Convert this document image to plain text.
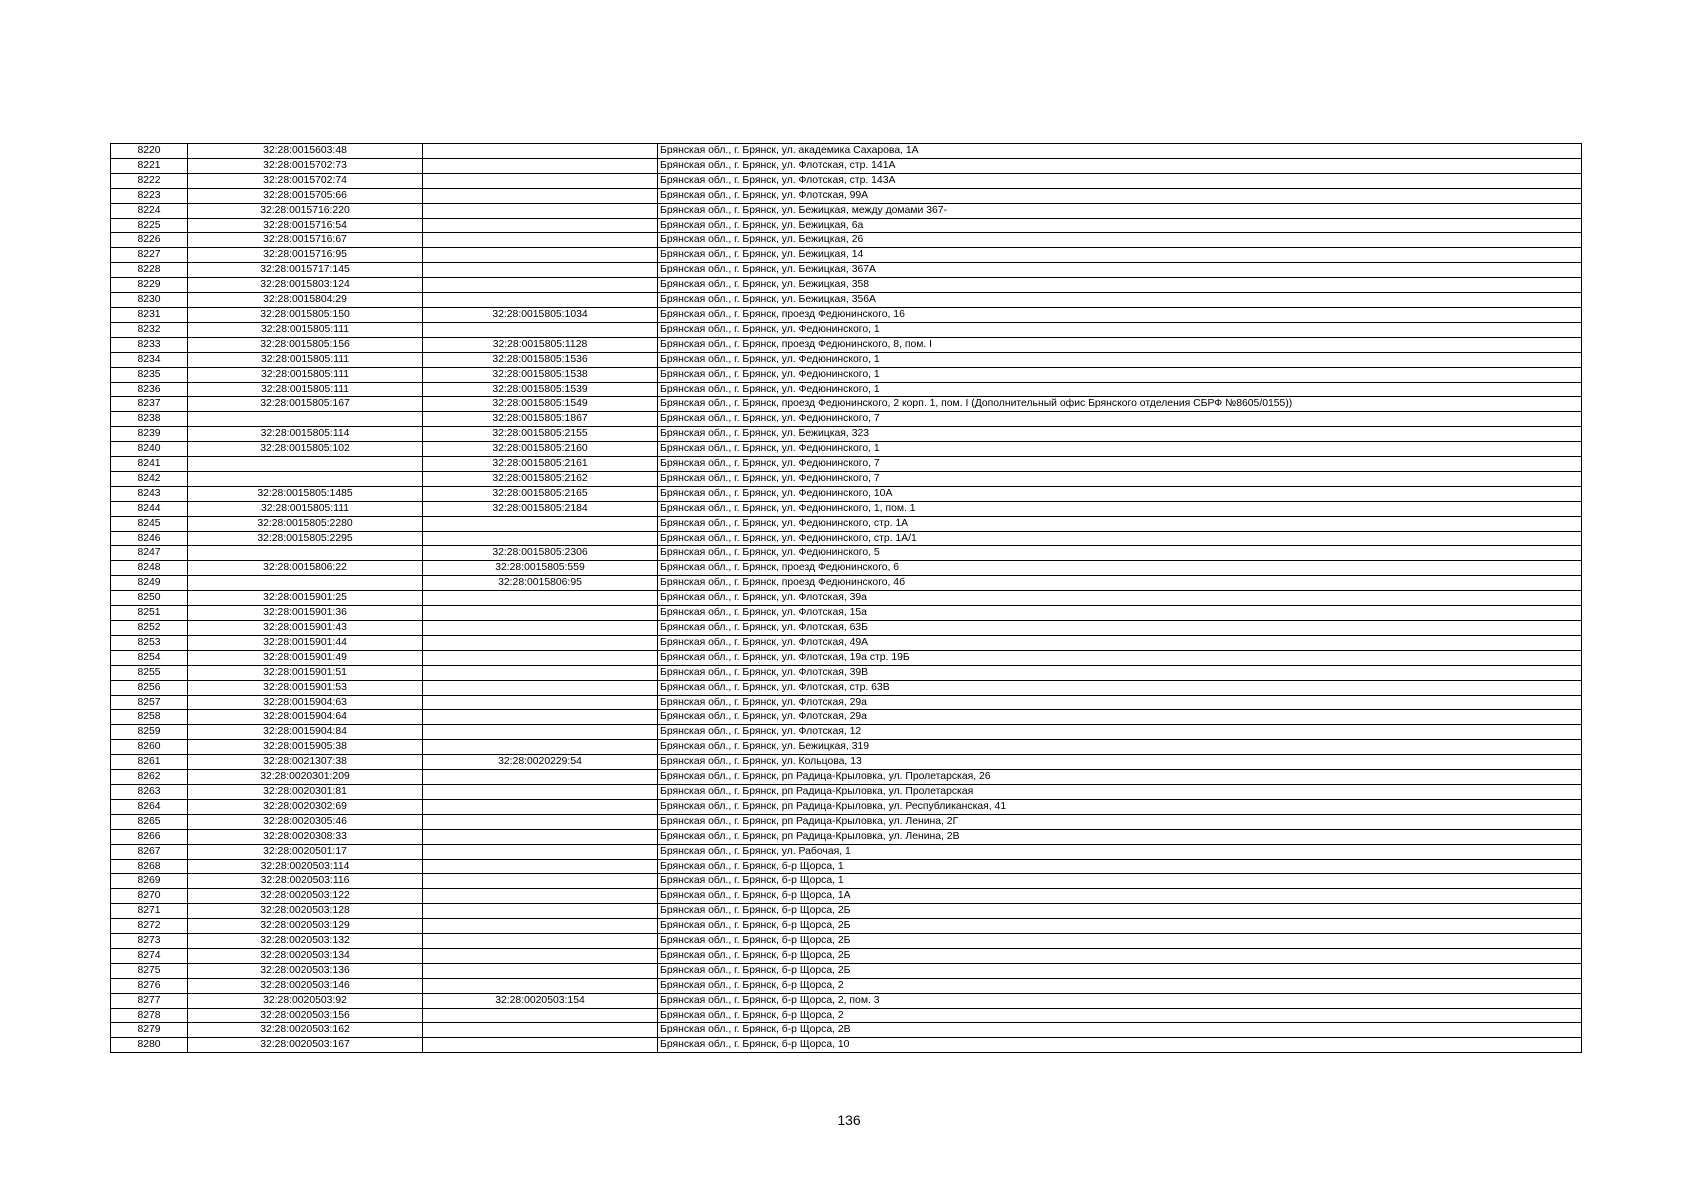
8220	32:28:0015603:48		Брянская обл., г. Брянск, ул. академика Сахарова, 1А
8221	32:28:0015702:73		Брянская обл., г. Брянск, ул. Флотская, стр. 141А
8222	32:28:0015702:74		Брянская обл., г. Брянск, ул. Флотская, стр. 143А
8223	32:28:0015705:66		Брянская обл., г. Брянск, ул. Флотская, 99А
8224	32:28:0015716:220		Брянская обл., г. Брянск, ул. Бежицкая, между домами 367-
8225	32:28:0015716:54		Брянская обл., г. Брянск, ул. Бежицкая, 6а
8226	32:28:0015716:67		Брянская обл., г. Брянск, ул. Бежицкая, 26
8227	32:28:0015716:95		Брянская обл., г. Брянск, ул. Бежицкая, 14
8228	32:28:0015717:145		Брянская обл., г. Брянск, ул. Бежицкая, 367А
8229	32:28:0015803:124		Брянская обл., г. Брянск, ул. Бежицкая, 358
8230	32:28:0015804:29		Брянская обл., г. Брянск, ул. Бежицкая, 356А
8231	32:28:0015805:150	32:28:0015805:1034	Брянская обл., г. Брянск, проезд Федюнинского, 16
8232	32:28:0015805:111		Брянская обл., г. Брянск, ул. Федюнинского, 1
8233	32:28:0015805:156	32:28:0015805:1128	Брянская обл., г. Брянск, проезд Федюнинского, 8, пом. I
8234	32:28:0015805:111	32:28:0015805:1536	Брянская обл., г. Брянск, ул. Федюнинского, 1
8235	32:28:0015805:111	32:28:0015805:1538	Брянская обл., г. Брянск, ул. Федюнинского, 1
8236	32:28:0015805:111	32:28:0015805:1539	Брянская обл., г. Брянск, ул. Федюнинского, 1
8237	32:28:0015805:167	32:28:0015805:1549	Брянская обл., г. Брянск, проезд Федюнинского, 2 корп. 1, пом. I (Дополнительный офис Брянского отделения СБРФ №8605/0155))
8238		32:28:0015805:1867	Брянская обл., г. Брянск, ул. Федюнинского, 7
8239	32:28:0015805:114	32:28:0015805:2155	Брянская обл., г. Брянск, ул. Бежицкая, 323
8240	32:28:0015805:102	32:28:0015805:2160	Брянская обл., г. Брянск, ул. Федюнинского, 1
8241		32:28:0015805:2161	Брянская обл., г. Брянск, ул. Федюнинского, 7
8242		32:28:0015805:2162	Брянская обл., г. Брянск, ул. Федюнинского, 7
8243	32:28:0015805:1485	32:28:0015805:2165	Брянская обл., г. Брянск, ул. Федюнинского, 10А
8244	32:28:0015805:111	32:28:0015805:2184	Брянская обл., г. Брянск, ул. Федюнинского, 1, пом. 1
8245	32:28:0015805:2280		Брянская обл., г. Брянск, ул. Федюнинского, стр. 1А
8246	32:28:0015805:2295		Брянская обл., г. Брянск, ул. Федюнинского, стр. 1А/1
8247		32:28:0015805:2306	Брянская обл., г. Брянск, ул. Федюнинского, 5
8248	32:28:0015806:22	32:28:0015805:559	Брянская обл., г. Брянск, проезд Федюнинского, 6
8249		32:28:0015806:95	Брянская обл., г. Брянск, проезд Федюнинского, 4б
8250	32:28:0015901:25		Брянская обл., г. Брянск, ул. Флотская, 39а
8251	32:28:0015901:36		Брянская обл., г. Брянск, ул. Флотская, 15а
8252	32:28:0015901:43		Брянская обл., г. Брянск, ул. Флотская, 63Б
8253	32:28:0015901:44		Брянская обл., г. Брянск, ул. Флотская, 49А
8254	32:28:0015901:49		Брянская обл., г. Брянск, ул. Флотская, 19а стр. 19Б
8255	32:28:0015901:51		Брянская обл., г. Брянск, ул. Флотская, 39В
8256	32:28:0015901:53		Брянская обл., г. Брянск, ул. Флотская, стр. 63В
8257	32:28:0015904:63		Брянская обл., г. Брянск, ул. Флотская, 29а
8258	32:28:0015904:64		Брянская обл., г. Брянск, ул. Флотская, 29а
8259	32:28:0015904:84		Брянская обл., г. Брянск, ул. Флотская, 12
8260	32:28:0015905:38		Брянская обл., г. Брянск, ул. Бежицкая, 319
8261	32:28:0021307:38	32:28:0020229:54	Брянская обл., г. Брянск, ул. Кольцова, 13
8262	32:28:0020301:209		Брянская обл., г. Брянск, рп Радица-Крыловка, ул. Пролетарская, 26
8263	32:28:0020301:81		Брянская обл., г. Брянск, рп Радица-Крыловка, ул. Пролетарская
8264	32:28:0020302:69		Брянская обл., г. Брянск, рп Радица-Крыловка, ул. Республиканская, 41
8265	32:28:0020305:46		Брянская обл., г. Брянск, рп Радица-Крыловка, ул. Ленина, 2Г
8266	32:28:0020308:33		Брянская обл., г. Брянск, рп Радица-Крыловка, ул. Ленина, 2В
8267	32:28:0020501:17		Брянская обл., г. Брянск, ул. Рабочая, 1
8268	32:28:0020503:114		Брянская обл., г. Брянск, б-р Щорса, 1
8269	32:28:0020503:116		Брянская обл., г. Брянск, б-р Щорса, 1
8270	32:28:0020503:122		Брянская обл., г. Брянск, б-р Щорса, 1А
8271	32:28:0020503:128		Брянская обл., г. Брянск, б-р Щорса, 2Б
8272	32:28:0020503:129		Брянская обл., г. Брянск, б-р Щорса, 2Б
8273	32:28:0020503:132		Брянская обл., г. Брянск, б-р Щорса, 2Б
8274	32:28:0020503:134		Брянская обл., г. Брянск, б-р Щорса, 2Б
8275	32:28:0020503:136		Брянская обл., г. Брянск, б-р Щорса, 2Б
8276	32:28:0020503:146		Брянская обл., г. Брянск, б-р Щорса, 2
8277	32:28:0020503:92	32:28:0020503:154	Брянская обл., г. Брянск, б-р Щорса, 2, пом. 3
8278	32:28:0020503:156		Брянская обл., г. Брянск, б-р Щорса, 2
8279	32:28:0020503:162		Брянская обл., г. Брянск, б-р Щорса, 2В
8280	32:28:0020503:167		Брянская обл., г. Брянск, б-р Щорса, 10
136
